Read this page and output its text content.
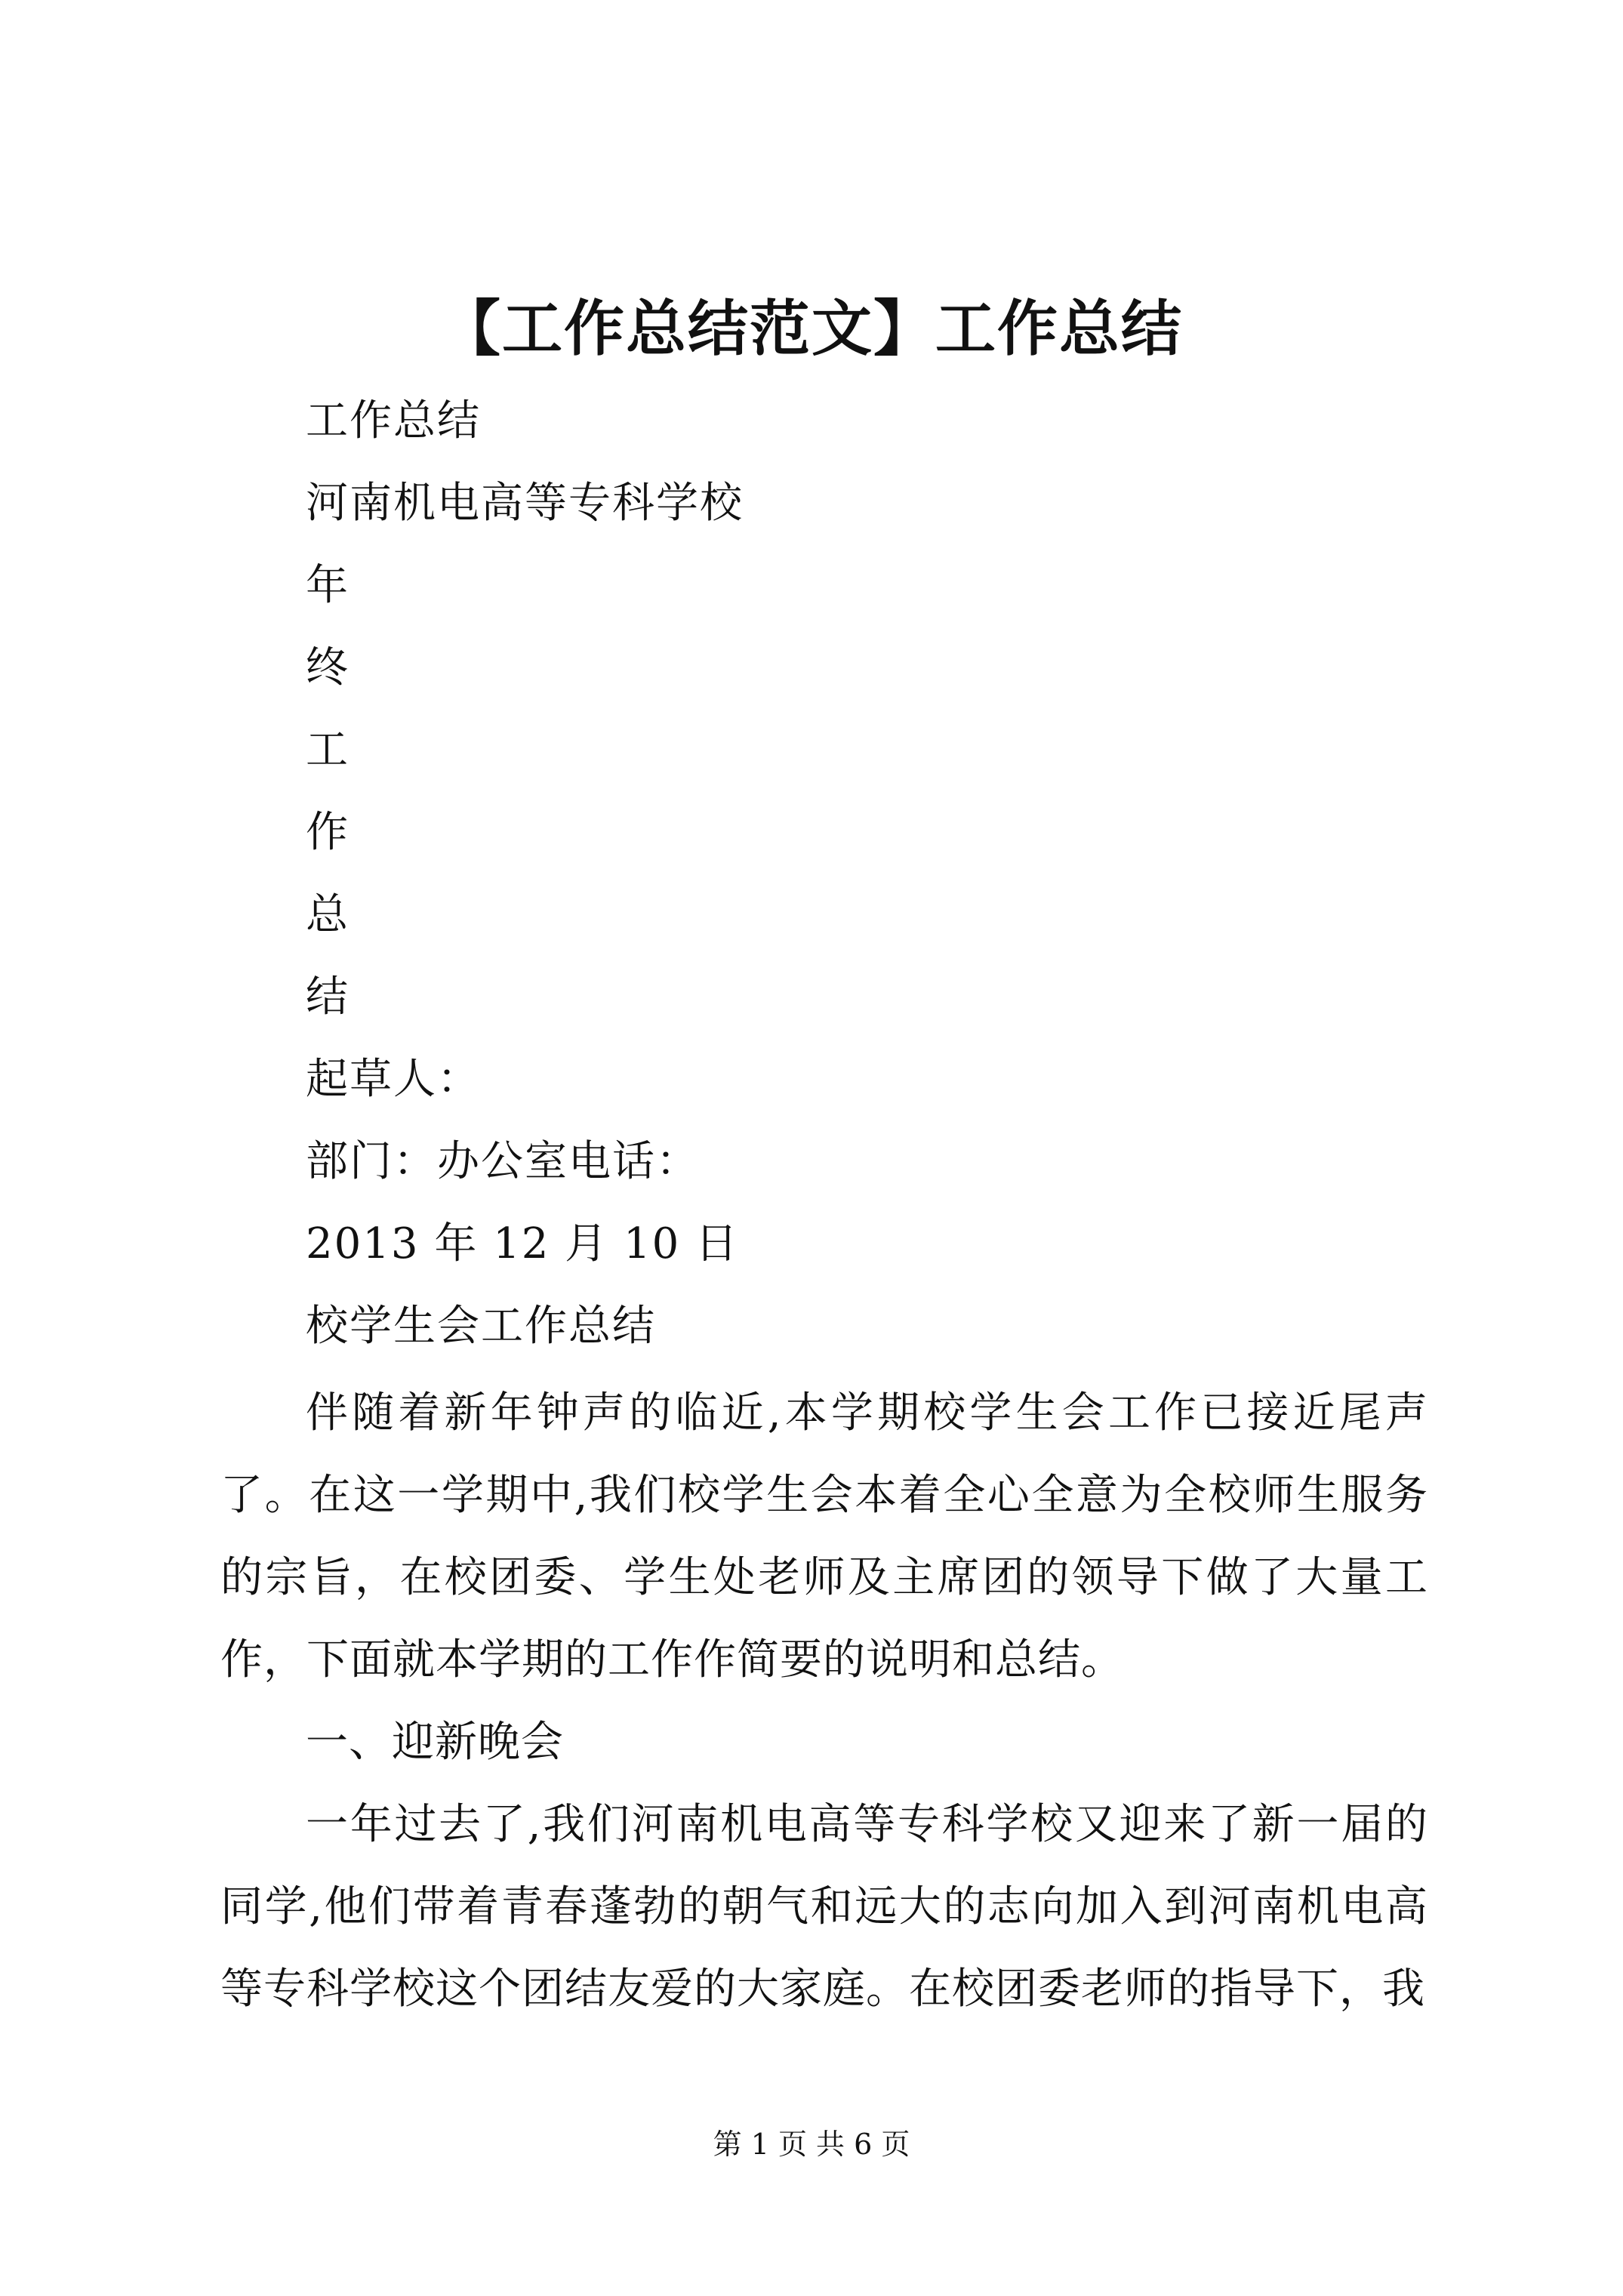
【工作总结范文】工作总结
工作总结
河南机电高等专科学校
年
终
工
作
总
结
起草人：
部门：办公室电话：
2013 年 12 月 10 日
校学生会工作总结

伴随着新年钟声的临近,本学期校学生会工作已接近尾声了。在这一学期中,我们校学生会本着全心全意为全校师生服务的宗旨，在校团委、学生处老师及主席团的领导下做了大量工作，下面就本学期的工作作简要的说明和总结。

一、迎新晚会

一年过去了,我们河南机电高等专科学校又迎来了新一届的同学,他们带着青春蓬勃的朝气和远大的志向加入到河南机电高等专科学校这个团结友爱的大家庭。在校团委老师的指导下，我

第 1 页 共 6 页
